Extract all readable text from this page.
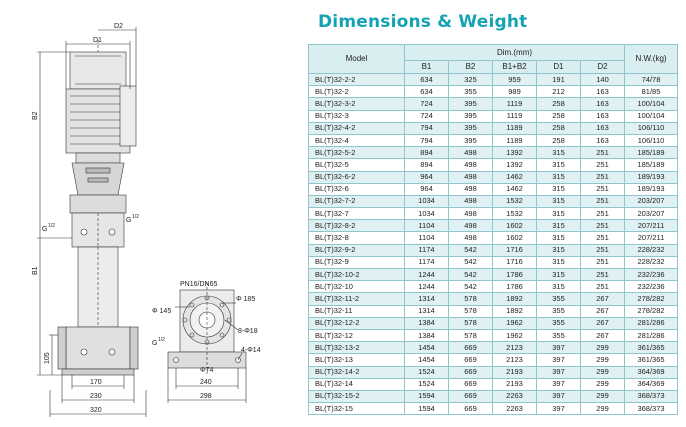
D1
D2
B2
B1
105
G 1/2
G 1/2
G 1/2
170
230
320
PN16/DN65
Φ 145
Φ 185
8-Φ18
4-Φ14
Φ74
240
298
Dimensions & Weight
Model	Dim.(mm)					N.W.(kg)
	B1	B2	B1+B2	D1	D2	
BL(T)32-2-2	634	325	959	191	140	74/78
BL(T)32-2	634	355	989	212	163	81/85
BL(T)32-3-2	724	395	1119	258	163	100/104
BL(T)32-3	724	395	1119	258	163	100/104
BL(T)32-4-2	794	395	1189	258	163	106/110
BL(T)32-4	794	395	1189	258	163	106/110
BL(T)32-5-2	894	498	1392	315	251	185/189
BL(T)32-5	894	498	1392	315	251	185/189
BL(T)32-6-2	964	498	1462	315	251	189/193
BL(T)32-6	964	498	1462	315	251	189/193
BL(T)32-7-2	1034	498	1532	315	251	203/207
BL(T)32-7	1034	498	1532	315	251	203/207
BL(T)32-8-2	1104	498	1602	315	251	207/211
BL(T)32-8	1104	498	1602	315	251	207/211
BL(T)32-9-2	1174	542	1716	315	251	228/232
BL(T)32-9	1174	542	1716	315	251	228/232
BL(T)32-10-2	1244	542	1786	315	251	232/236
BL(T)32-10	1244	542	1786	315	251	232/236
BL(T)32-11-2	1314	578	1892	355	267	278/282
BL(T)32-11	1314	578	1892	355	267	278/282
BL(T)32-12-2	1384	578	1962	355	267	281/286
BL(T)32-12	1384	578	1962	355	267	281/286
BL(T)32-13-2	1454	669	2123	397	299	361/365
BL(T)32-13	1454	669	2123	397	299	361/365
BL(T)32-14-2	1524	669	2193	397	299	364/369
BL(T)32-14	1524	669	2193	397	299	364/369
BL(T)32-15-2	1594	669	2263	397	299	368/373
BL(T)32-15	1594	669	2263	397	299	368/373
